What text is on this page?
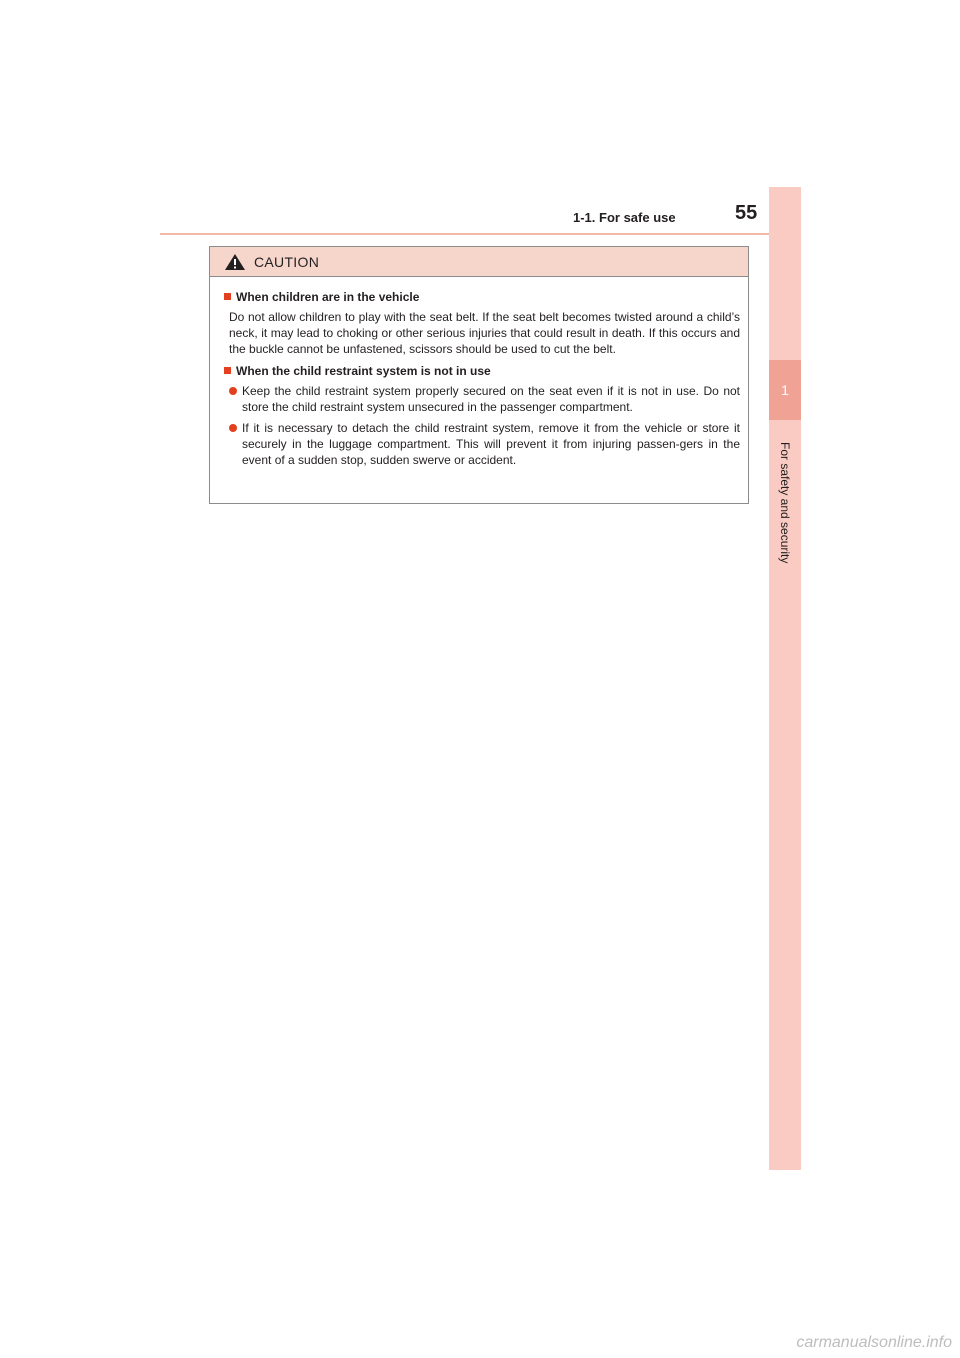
1-1. For safe use	55
1
For safety and security
CAUTION
When children are in the vehicle
Do not allow children to play with the seat belt. If the seat belt becomes twisted around a child’s neck, it may lead to choking or other serious injuries that could result in death. If this occurs and the buckle cannot be unfastened, scissors should be used to cut the belt.
When the child restraint system is not in use
Keep the child restraint system properly secured on the seat even if it is not in use. Do not store the child restraint system unsecured in the passenger compartment.
If it is necessary to detach the child restraint system, remove it from the vehicle or store it securely in the luggage compartment. This will prevent it from injuring passen-gers in the event of a sudden stop, sudden swerve or accident.
carmanualsonline.info
